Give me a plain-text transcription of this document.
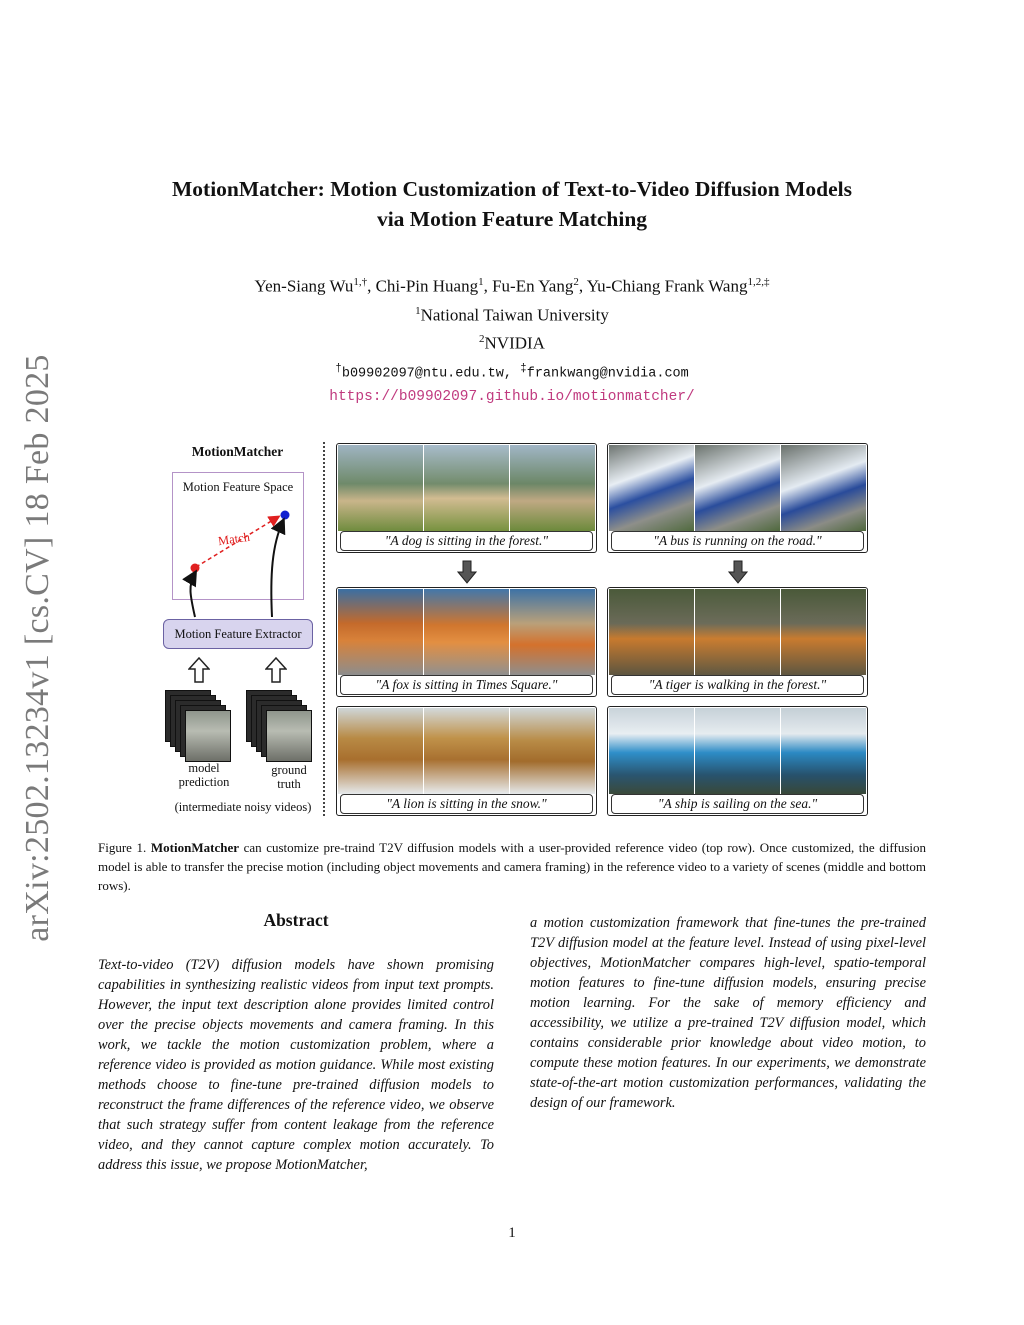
arXiv:2502.13234v1 [cs.CV] 18 Feb 2025
MotionMatcher: Motion Customization of Text-to-Video Diffusion Models
via Motion Feature Matching
Yen-Siang $Wu^{1,\dagger}$, Chi-Pin Huang$^1$, Fu-En Yang$^2$, Yu-Chiang Frank Wang$^{1,2,\ddagger}$
$^1$National Taiwan University
$^2$NVIDIA
†b09902097@ntu.edu.tw, ‡frankwang@nvidia.com
https://b09902097.github.io/motionmatcher/
MotionMatcher
Motion Feature Space
Match
Motion Feature Extractor
model
prediction
ground
truth
(intermediate noisy videos)
"A dog is sitting in the forest."	"A bus is running on the road."
"A fox is sitting in Times Square."	"A tiger is walking in the forest."
"A lion is sitting in the snow."	"A ship is sailing on the sea."
Figure 1. MotionMatcher can customize pre-traind T2V diffusion models with a user-provided reference video (top row). Once customized, the diffusion model is able to transfer the precise motion (including object movements and camera framing) in the reference video to a variety of scenes (middle and bottom rows).
Abstract
Text-to-video (T2V) diffusion models have shown promising capabilities in synthesizing realistic videos from input text prompts. However, the input text description alone provides limited control over the precise objects movements and camera framing. In this work, we tackle the motion customization problem, where a reference video is provided as motion guidance. While most existing methods choose to fine-tune pre-trained diffusion models to reconstruct the frame differences of the reference video, we observe that such strategy suffer from content leakage from the reference video, and they cannot capture complex motion accurately. To address this issue, we propose MotionMatcher,
a motion customization framework that fine-tunes the pre-trained T2V diffusion model at the feature level. Instead of using pixel-level objectives, MotionMatcher compares high-level, spatio-temporal motion features to fine-tune diffusion models, ensuring precise motion learning. For the sake of memory efficiency and accessibility, we utilize a pre-trained T2V diffusion model, which contains considerable prior knowledge about video motion, to compute these motion features. In our experiments, we demonstrate state-of-the-art motion customization performances, validating the design of our framework.
1
